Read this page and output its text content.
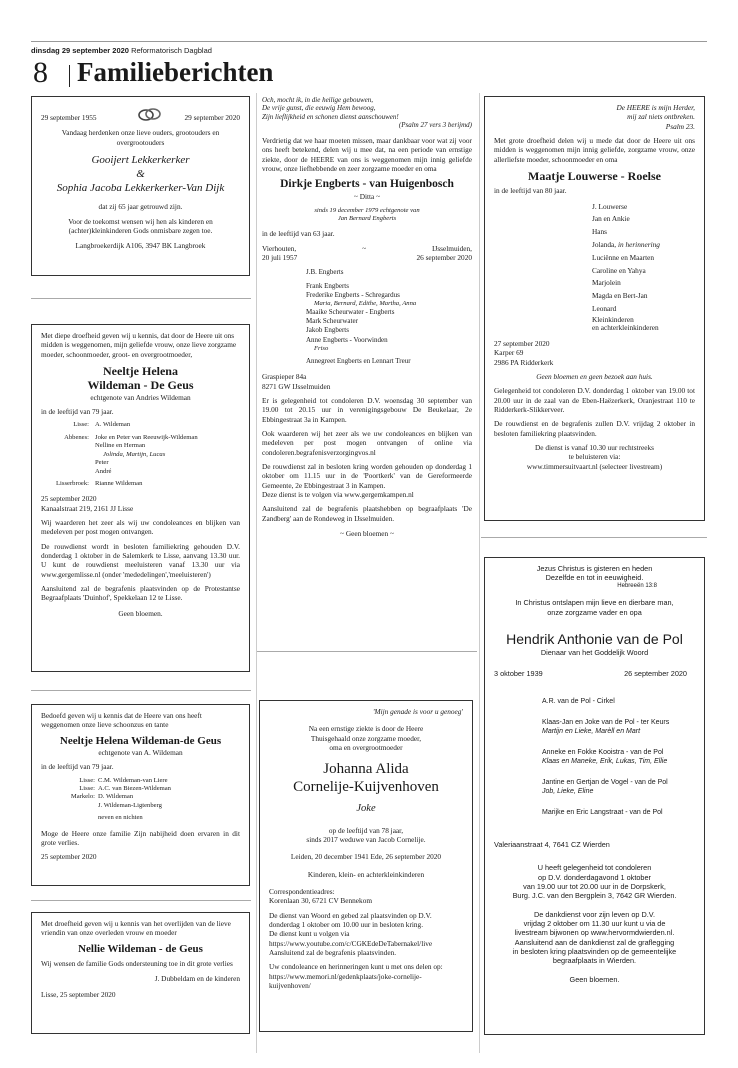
dinsdag 29 september 2020 Reformatorisch Dagblad
8 Familieberichten
29 september 1955	29 september 2020

Vandaag herdenken onze lieve ouders, grootouders en overgrootouders

Gooijert Lekkerkerker
&
Sophia Jacoba Lekkerkerker-Van Dijk

dat zij 65 jaar getrouwd zijn.

Voor de toekomst wensen wij hen als kinderen en (achter)kleinkinderen Gods onmisbare zegen toe.

Langbroekerdijk A106, 3947 BK Langbroek

Met diepe droefheid geven wij u kennis, dat door de Heere uit ons midden is weggenomen, mijn geliefde vrouw, onze lieve zorgzame moeder, schoonmoeder, groot- en overgrootmoeder,

Neeltje Helena
Wildeman - De Geus

echtgenote van Andries Wildeman

in de leeftijd van 79 jaar.

Lisse: A. Wildeman
Abbenes: Joke en Peter van Reeuwijk-Wildeman
Nelline en Herman
Jolinda, Martijn, Lucas
Peter
André
Lisserbroek: Rianne Wildeman
25 september 2020

Kanaalstraat 219, 2161 JJ Lisse

Wij waarderen het zeer als wij uw condoleances en blijken van medeleven per post mogen ontvangen.

De rouwdienst wordt in besloten familiekring gehouden D.V. donderdag 1 oktober in de Salemkerk te Lisse, aanvang 13.30 uur. U kunt de rouwdienst meeluisteren vanaf 13.30 uur via www.gergemlisse.nl (onder 'mededelingen','meeluisteren')

Aansluitend zal de begrafenis plaatsvinden op de Protestantse Begraafplaats 'Duinhof', Spekkelaan 12 te Lisse.

Geen bloemen.

Bedoefd geven wij u kennis dat de Heere van ons heeft weggenomen onze lieve schoonzus en tante

Neeltje Helena Wildeman-de Geus

echtgenote van A. Wildeman

in de leeftijd van 79 jaar.

Lisse: C.M. Wildeman-van Liere
Lisse: A.C. van Biezen-Wildeman
Markelo: D. Wildeman
J. Wildeman-Ligtenberg
neven en nichten

Moge de Heere onze familie Zijn nabijheid doen ervaren in dit grote verlies.

25 september 2020

Met droefheid geven wij u kennis van het overlijden van de lieve vriendin van onze overleden vrouw en moeder

Nellie Wildeman - de Geus

Wij wensen de familie Gods ondersteuning toe in dit grote verlies

J. Dubbeldam en de kinderen

Lisse, 25 september 2020

Och, mocht ik, in die heilige gebouwen,
De vrije gunst, die eeuwig Hem bewoog,
Zijn lieflijkheid en schonen dienst aanschouwen!
(Psalm 27 vers 3 berijmd)

Verdrietig dat we haar moeten missen, maar dankbaar voor wat zij voor ons heeft betekend, delen wij u mee dat, na een periode van ernstige ziekte, door de HEERE van ons is weggenomen mijn innig geliefde vrouw, onze liefhebbende en zeer zorgzame moeder en oma

Dirkje Engberts - van Huigenbosch

~ Ditta ~

sinds 19 december 1979 echtgenote van
Jan Bernard Engberts

in de leeftijd van 63 jaar.

Vierhouten,	~	IJsselmuiden,
20 juli 1957	26 september 2020
J.B. Engberts
Frank Engberts
Frederike Engberts - Schregardus
Maria, Bernard, Edithe, Martha, Anna
Maaike Scheurwater - Engberts
Mark Scheurwater
Jakob Engberts
Anne Engberts - Voorwinden
Friso
Annegreet Engberts en Lennart Treur
Graspieper 84a

8271 GW IJsselmuiden

Er is gelegenheid tot condoleren D.V. woensdag 30 september van 19.00 tot 20.15 uur in verenigingsgebouw De Beukelaar, 2e Ebbingestraat 3a in Kampen.

Ook waarderen wij het zeer als we uw condoleances en blijken van medeleven per post mogen ontvangen of online via condoleren.begrafenisverzorgingvos.nl

De rouwdienst zal in besloten kring worden gehouden op donderdag 1 oktober om 11.15 uur in de 'Poortkerk' van de Gereformeerde Gemeente, 2e Ebbingestraat 3 in Kampen.

Deze dienst is te volgen via www.gergemkampen.nl

Aansluitend zal de begrafenis plaatshebben op begraafplaats 'De Zandberg' aan de Rondeweg in IJsselmuiden.

~ Geen bloemen ~

'Mijn genade is voor u genoeg'

Na een ernstige ziekte is door de Heere
Thuisgehaald onze zorgzame moeder,
oma en overgrootmoeder
Johanna Alida
Cornelije-Kuijvenhoven
Joke
op de leeftijd van 78 jaar,

sinds 2017 weduwe van Jacob Cornelije.

Leiden, 20 december 1941 Ede, 26 september 2020

Kinderen, klein- en achterkleinkinderen

Correspondentieadres:

Korenlaan 30, 6721 CV Bennekom

De dienst van Woord en gebed zal plaatsvinden op D.V. donderdag 1 oktober om 10.00 uur in besloten kring.
De dienst kunt u volgen via
https://www.youtube.com/c/CGKEdeDeTabernakel/live

Aansluitend zal de begrafenis plaatsvinden.

Uw condoleance en herinneringen kunt u met ons delen op: https://www.memori.nl/gedenkplaats/joke-cornelije-kuijvenhoven/

De HEERE is mijn Herder,
mij zal niets ontbreken.

Psalm 23.

Met grote droefheid delen wij u mede dat door de Heere uit ons midden is weggenomen mijn innig geliefde, zorgzame vrouw, onze allerliefste moeder, schoonmoeder en oma

Maatje Louwerse - Roelse

in de leeftijd van 80 jaar.

J. Louwerse
Jan en Ankie
Hans
Jolanda, in herinnering
Luciënne en Maarten
Caroline en Yahya
Marjolein
Magda en Bert-Jan
Leonard
Kleinkinderen
en achterkleinkinderen
27 september 2020
Karper 69

2986 PA Ridderkerk

Geen bloemen en geen bezoek aan huis.

Gelegenheid tot condoleren D.V. donderdag 1 oktober van 19.00 tot 20.00 uur in de zaal van de Eben-Haëzerkerk, Oranjestraat 110 te Ridderkerk-Slikkerveer.

De rouwdienst en de begrafenis zullen D.V. vrijdag 2 oktober in besloten familiekring plaatsvinden.

De dienst is vanaf 10.30 uur rechtstreeks
te beluisteren via:
www.timmersuitvaart.nl (selecteer livestream)
Jezus Christus is gisteren en heden
Dezelfde en tot in eeuwigheid.
Hebreeën 13:8
In Christus ontslapen mijn lieve en dierbare man,
onze zorgzame vader en opa
Hendrik Anthonie van de Pol
Dienaar van het Goddelijk Woord
3 oktober 1939	26 september 2020
A.R. van de Pol - Cirkel
Klaas-Jan en Joke van de Pol - ter Keurs
Martijn en Lieke, Marèll en Mart
Anneke en Fokke Kooistra - van de Pol
Klaas en Maneke, Erik, Lukas, Tim, Ellie
Jantine en Gertjan de Vogel - van de Pol
Job, Lieke, Eline
Marijke en Eric Langstraat - van de Pol
Valeriaanstraat 4, 7641 CZ Wierden
U heeft gelegenheid tot condoleren
op D.V. donderdagavond 1 oktober
van 19.00 uur tot 20.00 uur in de Dorpskerk,
Burg. J.C. van den Bergplein 3, 7642 GR Wierden.
De dankdienst voor zijn leven op D.V.
vrijdag 2 oktober om 11.30 uur kunt u via de
livestream bijwonen op www.hervormdwierden.nl.
Aansluitend aan de dankdienst zal de graflegging
in besloten kring plaatsvinden op de gemeentelijke
begraafplaats in Wierden.
Geen bloemen.
